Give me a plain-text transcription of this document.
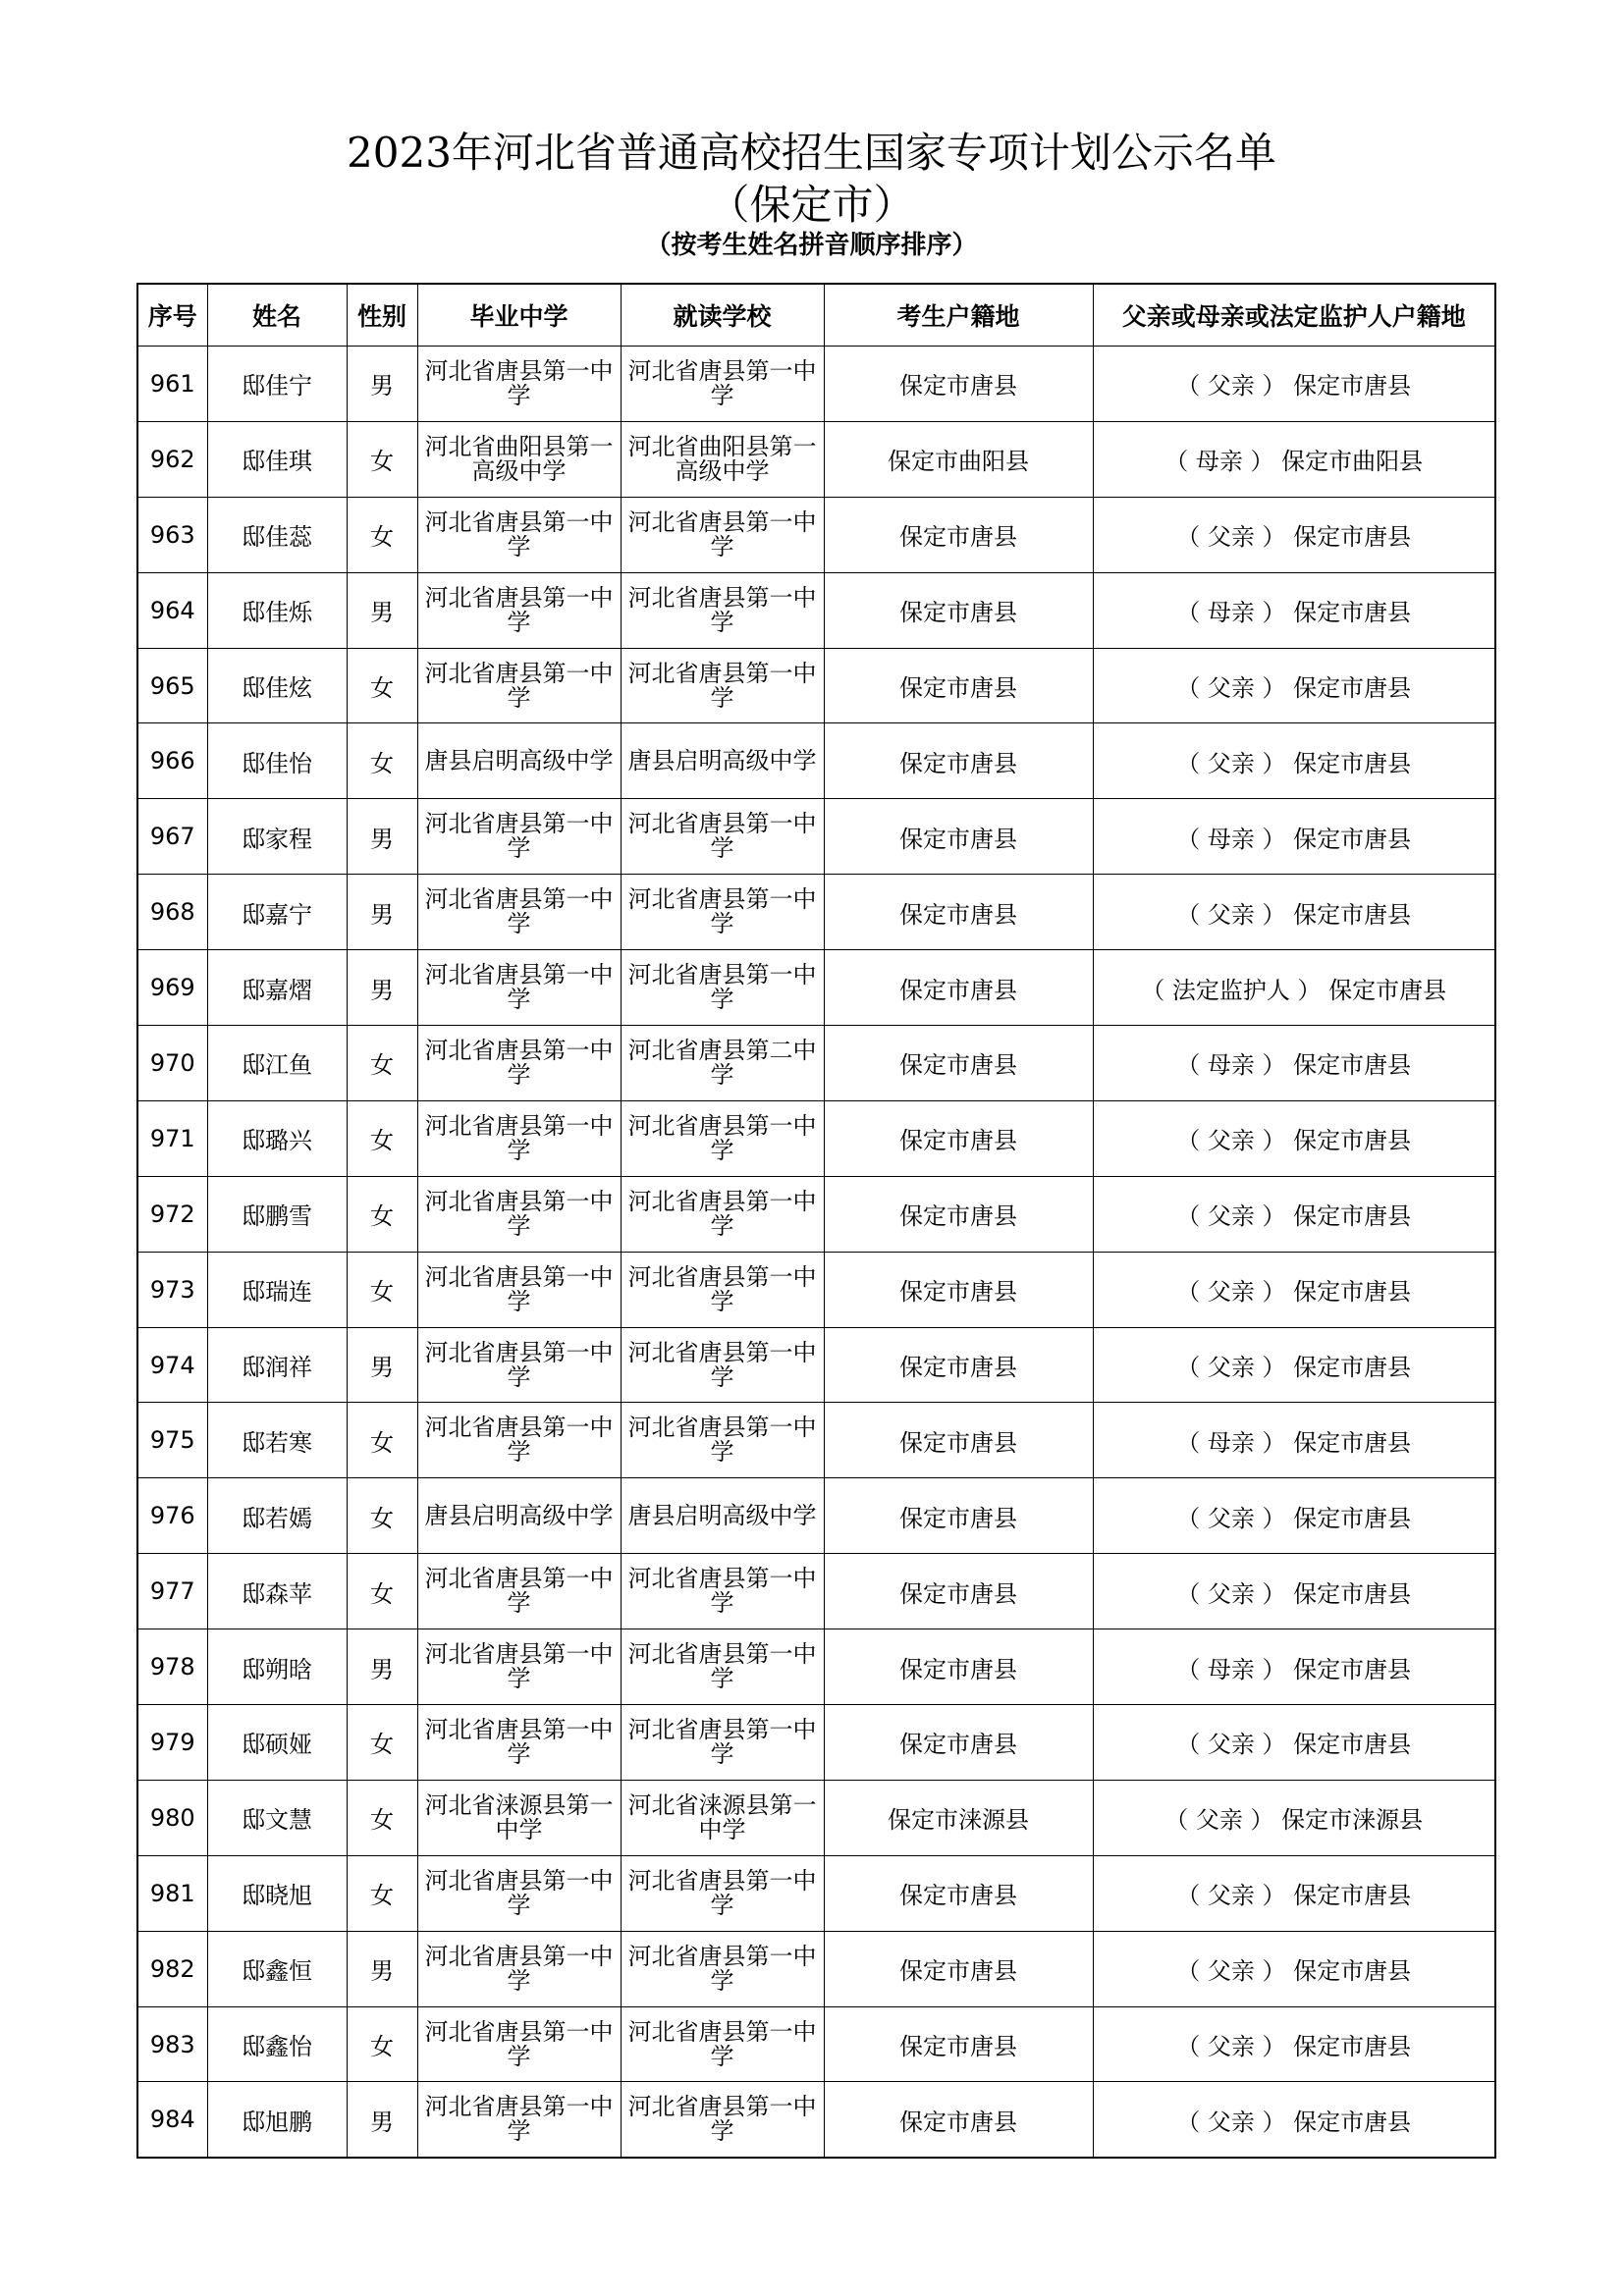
2023年河北省普通高校招生国家专项计划公示名单
（保定市）
（按考生姓名拼音顺序排序）
序号	姓名	性别	毕业中学	就读学校	考生户籍地	父亲或母亲或法定监护人户籍地
961	邸佳宁	男	河北省唐县第一中学	河北省唐县第一中学	保定市唐县	（ 父亲 ） 保定市唐县
962	邸佳琪	女	河北省曲阳县第一高级中学	河北省曲阳县第一高级中学	保定市曲阳县	（ 母亲 ） 保定市曲阳县
963	邸佳蕊	女	河北省唐县第一中学	河北省唐县第一中学	保定市唐县	（ 父亲 ） 保定市唐县
964	邸佳烁	男	河北省唐县第一中学	河北省唐县第一中学	保定市唐县	（ 母亲 ） 保定市唐县
965	邸佳炫	女	河北省唐县第一中学	河北省唐县第一中学	保定市唐县	（ 父亲 ） 保定市唐县
966	邸佳怡	女	唐县启明高级中学	唐县启明高级中学	保定市唐县	（ 父亲 ） 保定市唐县
967	邸家程	男	河北省唐县第一中学	河北省唐县第一中学	保定市唐县	（ 母亲 ） 保定市唐县
968	邸嘉宁	男	河北省唐县第一中学	河北省唐县第一中学	保定市唐县	（ 父亲 ） 保定市唐县
969	邸嘉熠	男	河北省唐县第一中学	河北省唐县第一中学	保定市唐县	（ 法定监护人 ） 保定市唐县
970	邸江鱼	女	河北省唐县第一中学	河北省唐县第二中学	保定市唐县	（ 母亲 ） 保定市唐县
971	邸璐兴	女	河北省唐县第一中学	河北省唐县第一中学	保定市唐县	（ 父亲 ） 保定市唐县
972	邸鹏雪	女	河北省唐县第一中学	河北省唐县第一中学	保定市唐县	（ 父亲 ） 保定市唐县
973	邸瑞连	女	河北省唐县第一中学	河北省唐县第一中学	保定市唐县	（ 父亲 ） 保定市唐县
974	邸润祥	男	河北省唐县第一中学	河北省唐县第一中学	保定市唐县	（ 父亲 ） 保定市唐县
975	邸若寒	女	河北省唐县第一中学	河北省唐县第一中学	保定市唐县	（ 母亲 ） 保定市唐县
976	邸若嫣	女	唐县启明高级中学	唐县启明高级中学	保定市唐县	（ 父亲 ） 保定市唐县
977	邸森苹	女	河北省唐县第一中学	河北省唐县第一中学	保定市唐县	（ 父亲 ） 保定市唐县
978	邸朔晗	男	河北省唐县第一中学	河北省唐县第一中学	保定市唐县	（ 母亲 ） 保定市唐县
979	邸硕娅	女	河北省唐县第一中学	河北省唐县第一中学	保定市唐县	（ 父亲 ） 保定市唐县
980	邸文慧	女	河北省涞源县第一中学	河北省涞源县第一中学	保定市涞源县	（ 父亲 ） 保定市涞源县
981	邸晓旭	女	河北省唐县第一中学	河北省唐县第一中学	保定市唐县	（ 父亲 ） 保定市唐县
982	邸鑫恒	男	河北省唐县第一中学	河北省唐县第一中学	保定市唐县	（ 父亲 ） 保定市唐县
983	邸鑫怡	女	河北省唐县第一中学	河北省唐县第一中学	保定市唐县	（ 父亲 ） 保定市唐县
984	邸旭鹏	男	河北省唐县第一中学	河北省唐县第一中学	保定市唐县	（ 父亲 ） 保定市唐县
